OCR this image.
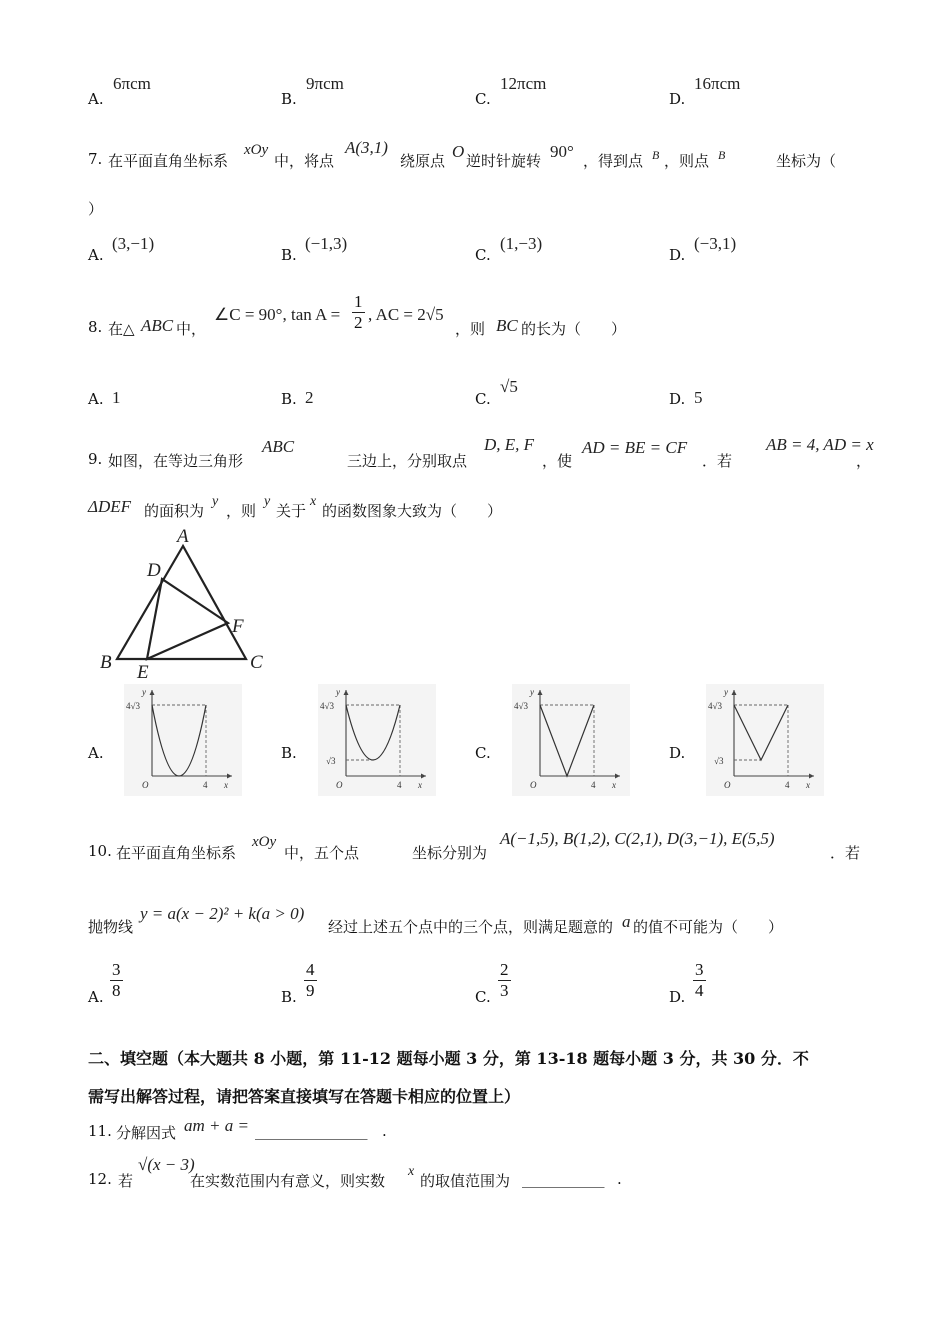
A.
6πcm
B.
9πcm
C.
12πcm
D.
16πcm
7. 在平面直角坐标系
xOy
中，将点
A(3,1)
绕原点 O 逆时针旋转 90° ，得到点 B ，则点 B	坐标为（
）
A.
(3,−1)
B.
(−1,3)
C.
(1,−3)
D.
(−3,1)
8. 在△ ABC 中，
∠C = 90°, $\tan A = \frac{1}{2}$ , AC = 2√5
，则 BC 的长为（　　）
A. 1	B. 2	C.
√5
D. 5
9. 如图，在等边三角形
ABC
三边上，分别取点
D, E, F
，使
AD = BE = CF
．若
AB = 4, AD = x
，
ΔDEF 的面积为
y
，则
y
关于
x
的函数图象大致为（　　）
A
D
B E
F
C
A.
y
4√3
O	4 x
B.
y
4√3
√3
O	4 x
C.
y
4√3
O	4 x
D.
y
4√3
√3
O	4 x
10. 在平面直角坐标系
xOy
中，五个点	坐标分别为
A(−1,5), B(1,2), C(2,1), D(3,−1), E(5,5)
．若
抛物线
y = a(x − 2)² + k(a > 0)
经过上述五个点中的三个点，则满足题意的 a 的值不可能为（　　）
A. $\frac{3}{8}$	B. $\frac{4}{9}$	C. $\frac{2}{3}$	D. $\frac{3}{4}$
二、填空题（本大题共 8 小题，第 11-12 题每小题 3 分，第 13-18 题每小题 3 分，共 30 分．不
需写出解答过程，请把答案直接填写在答题卡相应的位置上）
11. 分解因式 am + a = _______________ .
12. 若
√(x − 3)
在实数范围内有意义，则实数
x
的取值范围为 ___________ .
